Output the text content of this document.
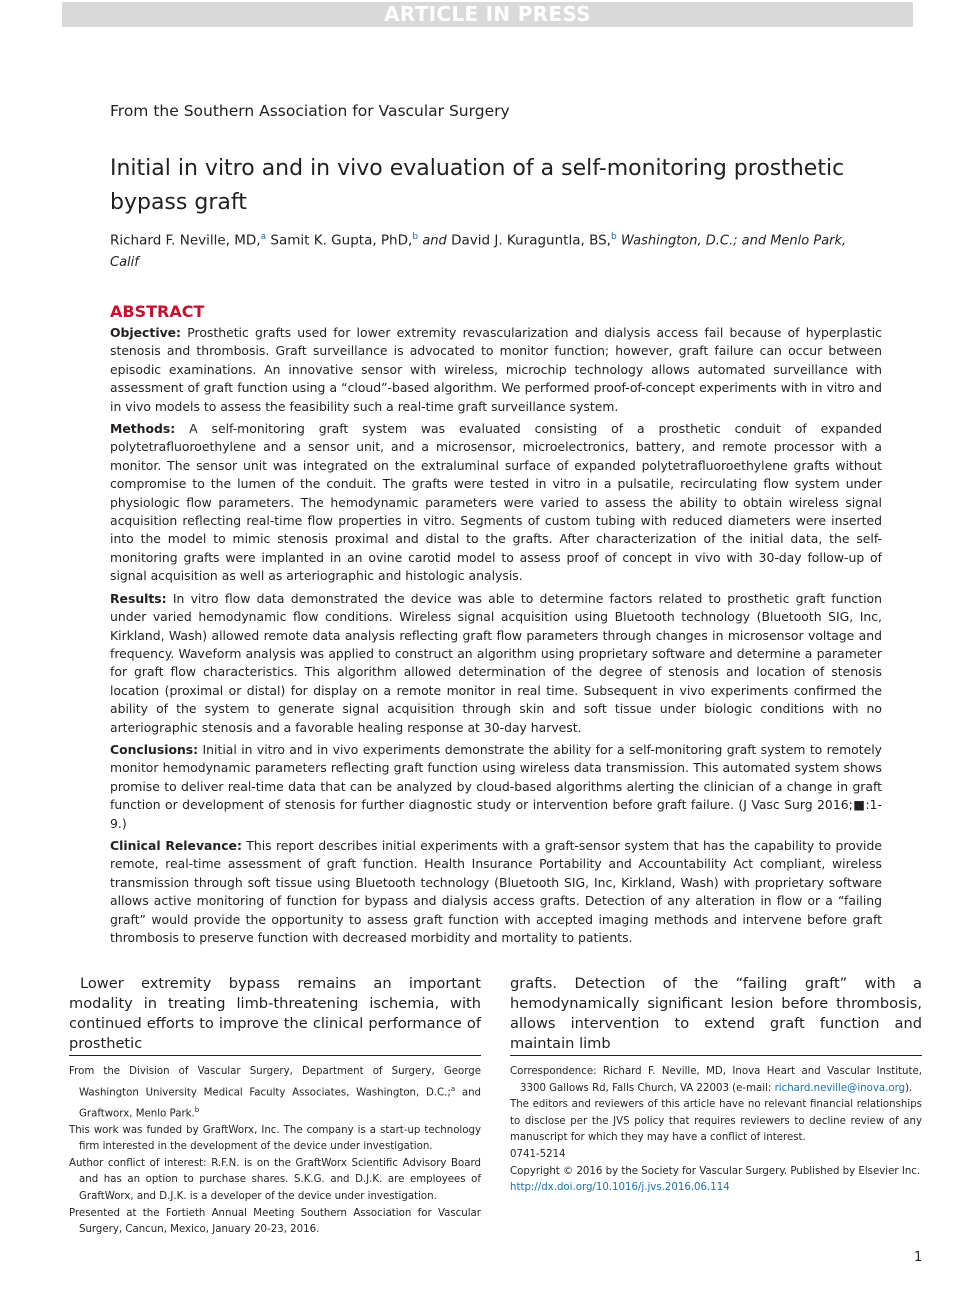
ARTICLE IN PRESS
From the Southern Association for Vascular Surgery
Initial in vitro and in vivo evaluation of a self-monitoring prosthetic bypass graft
Richard F. Neville, MD,$^a$ Samit K. Gupta, PhD,$^b$ and David J. Kuraguntla, BS,$^b$ Washington, D.C.; and Menlo Park, Calif
ABSTRACT

Objective: Prosthetic grafts used for lower extremity revascularization and dialysis access fail because of hyperplastic stenosis and thrombosis. Graft surveillance is advocated to monitor function; however, graft failure can occur between episodic examinations. An innovative sensor with wireless, microchip technology allows automated surveillance with assessment of graft function using a “cloud”-based algorithm. We performed proof-of-concept experiments with in vitro and in vivo models to assess the feasibility such a real-time graft surveillance system.

Methods: A self-monitoring graft system was evaluated consisting of a prosthetic conduit of expanded polytetrafluoroethylene and a sensor unit, and a microsensor, microelectronics, battery, and remote processor with a monitor. The sensor unit was integrated on the extraluminal surface of expanded polytetrafluoroethylene grafts without compromise to the lumen of the conduit. The grafts were tested in vitro in a pulsatile, recirculating flow system under physiologic flow parameters. The hemodynamic parameters were varied to assess the ability to obtain wireless signal acquisition reflecting real-time flow properties in vitro. Segments of custom tubing with reduced diameters were inserted into the model to mimic stenosis proximal and distal to the grafts. After characterization of the initial data, the self-monitoring grafts were implanted in an ovine carotid model to assess proof of concept in vivo with 30-day follow-up of signal acquisition as well as arteriographic and histologic analysis.

Results: In vitro flow data demonstrated the device was able to determine factors related to prosthetic graft function under varied hemodynamic flow conditions. Wireless signal acquisition using Bluetooth technology (Bluetooth SIG, Inc, Kirkland, Wash) allowed remote data analysis reflecting graft flow parameters through changes in microsensor voltage and frequency. Waveform analysis was applied to construct an algorithm using proprietary software and determine a parameter for graft flow characteristics. This algorithm allowed determination of the degree of stenosis and location of stenosis location (proximal or distal) for display on a remote monitor in real time. Subsequent in vivo experiments confirmed the ability of the system to generate signal acquisition through skin and soft tissue under biologic conditions with no arteriographic stenosis and a favorable healing response at 30-day harvest.

Conclusions: Initial in vitro and in vivo experiments demonstrate the ability for a self-monitoring graft system to remotely monitor hemodynamic parameters reflecting graft function using wireless data transmission. This automated system shows promise to deliver real-time data that can be analyzed by cloud-based algorithms alerting the clinician of a change in graft function or development of stenosis for further diagnostic study or intervention before graft failure. (J Vasc Surg 2016;■:1-9.)

Clinical Relevance: This report describes initial experiments with a graft-sensor system that has the capability to provide remote, real-time assessment of graft function. Health Insurance Portability and Accountability Act compliant, wireless transmission through soft tissue using Bluetooth technology (Bluetooth SIG, Inc, Kirkland, Wash) with proprietary software allows active monitoring of function for bypass and dialysis access grafts. Detection of any alteration in flow or a “failing graft” would provide the opportunity to assess graft function with accepted imaging methods and intervene before graft thrombosis to preserve function with decreased morbidity and mortality to patients.

Lower extremity bypass remains an important modality in treating limb-threatening ischemia, with continued efforts to improve the clinical performance of prosthetic
grafts. Detection of the “failing graft” with a hemodynamically significant lesion before thrombosis, allows intervention to extend graft function and maintain limb

From the Division of Vascular Surgery, Department of Surgery, George Washington University Medical Faculty Associates, Washington, D.C.;$^a$ and Graftworx, Menlo Park.$^b$

This work was funded by GraftWorx, Inc. The company is a start-up technology firm interested in the development of the device under investigation.

Author conflict of interest: R.F.N. is on the GraftWorx Scientific Advisory Board and has an option to purchase shares. S.K.G. and D.J.K. are employees of GraftWorx, and D.J.K. is a developer of the device under investigation.

Presented at the Fortieth Annual Meeting Southern Association for Vascular Surgery, Cancun, Mexico, January 20-23, 2016.

Correspondence: Richard F. Neville, MD, Inova Heart and Vascular Institute, 3300 Gallows Rd, Falls Church, VA 22003 (e-mail: richard.neville@inova.org).

The editors and reviewers of this article have no relevant financial relationships to disclose per the JVS policy that requires reviewers to decline review of any manuscript for which they may have a conflict of interest.

0741-5214

Copyright © 2016 by the Society for Vascular Surgery. Published by Elsevier Inc.

http://dx.doi.org/10.1016/j.jvs.2016.06.114

1
